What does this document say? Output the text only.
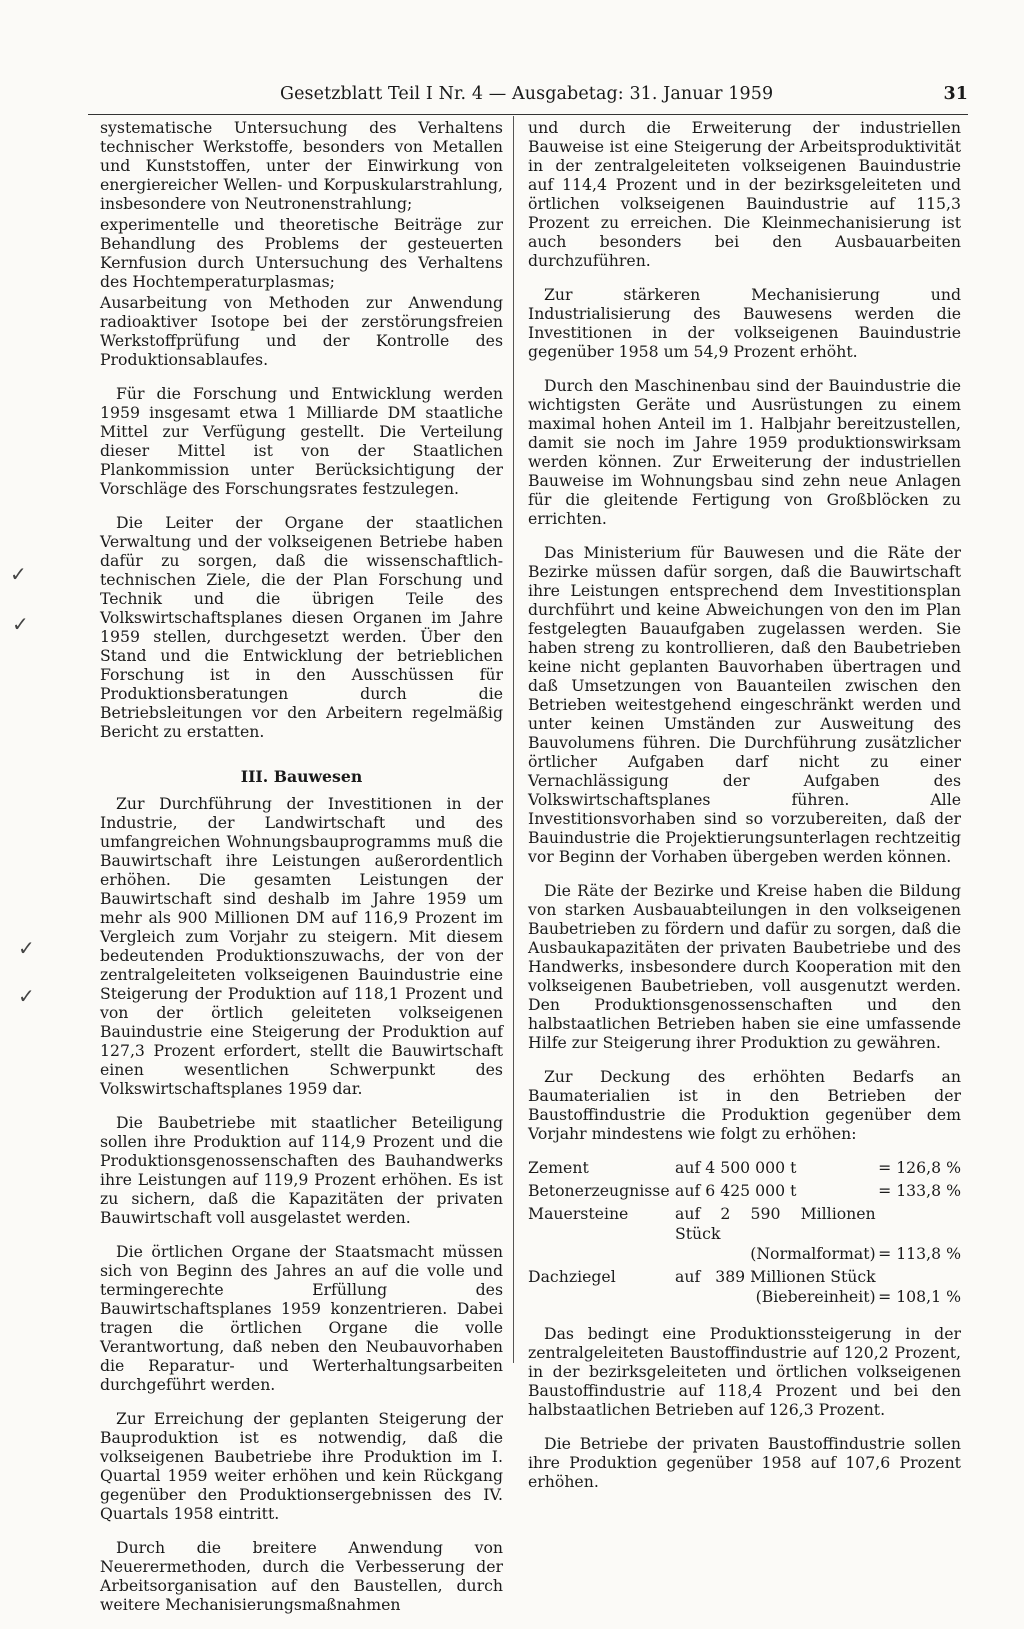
Gesetzblatt Teil I Nr. 4 — Ausgabetag: 31. Januar 1959	31
✓
✓
✓
✓

systematische Untersuchung des Verhaltens technischer Werkstoffe, besonders von Metallen und Kunststoffen, unter der Einwirkung von energiereicher Wellen- und Korpuskularstrahlung, insbesondere von Neutronenstrahlung;

experimentelle und theoretische Beiträge zur Behandlung des Problems der gesteuerten Kernfusion durch Untersuchung des Verhaltens des Hochtemperaturplasmas;

Ausarbeitung von Methoden zur Anwendung radioaktiver Isotope bei der zerstörungsfreien Werkstoffprüfung und der Kontrolle des Produktionsablaufes.

Für die Forschung und Entwicklung werden 1959 insgesamt etwa 1 Milliarde DM staatliche Mittel zur Verfügung gestellt. Die Verteilung dieser Mittel ist von der Staatlichen Plankommission unter Berücksichtigung der Vorschläge des Forschungsrates festzulegen.

Die Leiter der Organe der staatlichen Verwaltung und der volkseigenen Betriebe haben dafür zu sorgen, daß die wissenschaftlich-technischen Ziele, die der Plan Forschung und Technik und die übrigen Teile des Volkswirtschaftsplanes diesen Organen im Jahre 1959 stellen, durchgesetzt werden. Über den Stand und die Entwicklung der betrieblichen Forschung ist in den Ausschüssen für Produktionsberatungen durch die Betriebsleitungen vor den Arbeitern regelmäßig Bericht zu erstatten.

III. Bauwesen

Zur Durchführung der Investitionen in der Industrie, der Landwirtschaft und des umfangreichen Wohnungsbauprogramms muß die Bauwirtschaft ihre Leistungen außerordentlich erhöhen. Die gesamten Leistungen der Bauwirtschaft sind deshalb im Jahre 1959 um mehr als 900 Millionen DM auf 116,9 Prozent im Vergleich zum Vorjahr zu steigern. Mit diesem bedeutenden Produktionszuwachs, der von der zentralgeleiteten volkseigenen Bauindustrie eine Steigerung der Produktion auf 118,1 Prozent und von der örtlich geleiteten volkseigenen Bauindustrie eine Steigerung der Produktion auf 127,3 Prozent erfordert, stellt die Bauwirtschaft einen wesentlichen Schwerpunkt des Volkswirtschaftsplanes 1959 dar.

Die Baubetriebe mit staatlicher Beteiligung sollen ihre Produktion auf 114,9 Prozent und die Produktionsgenossenschaften des Bauhandwerks ihre Leistungen auf 119,9 Prozent erhöhen. Es ist zu sichern, daß die Kapazitäten der privaten Bauwirtschaft voll ausgelastet werden.

Die örtlichen Organe der Staatsmacht müssen sich von Beginn des Jahres an auf die volle und termingerechte Erfüllung des Bauwirtschaftsplanes 1959 konzentrieren. Dabei tragen die örtlichen Organe die volle Verantwortung, daß neben den Neubauvorhaben die Reparatur- und Werterhaltungsarbeiten durchgeführt werden.

Zur Erreichung der geplanten Steigerung der Bauproduktion ist es notwendig, daß die volkseigenen Baubetriebe ihre Produktion im I. Quartal 1959 weiter erhöhen und kein Rückgang gegenüber den Produktionsergebnissen des IV. Quartals 1958 eintritt.

Durch die breitere Anwendung von Neuerermethoden, durch die Verbesserung der Arbeitsorganisation auf den Baustellen, durch weitere Mechanisierungsmaßnahmen

und durch die Erweiterung der industriellen Bauweise ist eine Steigerung der Arbeitsproduktivität in der zentralgeleiteten volkseigenen Bauindustrie auf 114,4 Prozent und in der bezirksgeleiteten und örtlichen volkseigenen Bauindustrie auf 115,3 Prozent zu erreichen. Die Kleinmechanisierung ist auch besonders bei den Ausbauarbeiten durchzuführen.

Zur stärkeren Mechanisierung und Industrialisierung des Bauwesens werden die Investitionen in der volkseigenen Bauindustrie gegenüber 1958 um 54,9 Prozent erhöht.

Durch den Maschinenbau sind der Bauindustrie die wichtigsten Geräte und Ausrüstungen zu einem maximal hohen Anteil im 1. Halbjahr bereitzustellen, damit sie noch im Jahre 1959 produktionswirksam werden können. Zur Erweiterung der industriellen Bauweise im Wohnungsbau sind zehn neue Anlagen für die gleitende Fertigung von Großblöcken zu errichten.

Das Ministerium für Bauwesen und die Räte der Bezirke müssen dafür sorgen, daß die Bauwirtschaft ihre Leistungen entsprechend dem Investitionsplan durchführt und keine Abweichungen von den im Plan festgelegten Bauaufgaben zugelassen werden. Sie haben streng zu kontrollieren, daß den Baubetrieben keine nicht geplanten Bauvorhaben übertragen und daß Umsetzungen von Bauanteilen zwischen den Betrieben weitestgehend eingeschränkt werden und unter keinen Umständen zur Ausweitung des Bauvolumens führen. Die Durchführung zusätzlicher örtlicher Aufgaben darf nicht zu einer Vernachlässigung der Aufgaben des Volkswirtschaftsplanes führen. Alle Investitionsvorhaben sind so vorzubereiten, daß der Bauindustrie die Projektierungsunterlagen rechtzeitig vor Beginn der Vorhaben übergeben werden können.

Die Räte der Bezirke und Kreise haben die Bildung von starken Ausbauabteilungen in den volkseigenen Baubetrieben zu fördern und dafür zu sorgen, daß die Ausbaukapazitäten der privaten Baubetriebe und des Handwerks, insbesondere durch Kooperation mit den volkseigenen Baubetrieben, voll ausgenutzt werden. Den Produktionsgenossenschaften und den halbstaatlichen Betrieben haben sie eine umfassende Hilfe zur Steigerung ihrer Produktion zu gewähren.

Zur Deckung des erhöhten Bedarfs an Baumaterialien ist in den Betrieben der Baustoffindustrie die Produktion gegenüber dem Vorjahr mindestens wie folgt zu erhöhen:

Zement	auf 4 500 000 t	= 126,8 %
Betonerzeugnisse	auf 6 425 000 t	= 133,8 %
Mauersteine	auf 2 590 Millionen Stück
(Normalformat)	= 113,8 %
Dachziegel	auf   389 Millionen Stück
(Biebereinheit)	= 108,1 %

Das bedingt eine Produktionssteigerung in der zentralgeleiteten Baustoffindustrie auf 120,2 Prozent, in der bezirksgeleiteten und örtlichen volkseigenen Baustoffindustrie auf 118,4 Prozent und bei den halbstaatlichen Betrieben auf 126,3 Prozent.

Die Betriebe der privaten Baustoffindustrie sollen ihre Produktion gegenüber 1958 auf 107,6 Prozent erhöhen.
